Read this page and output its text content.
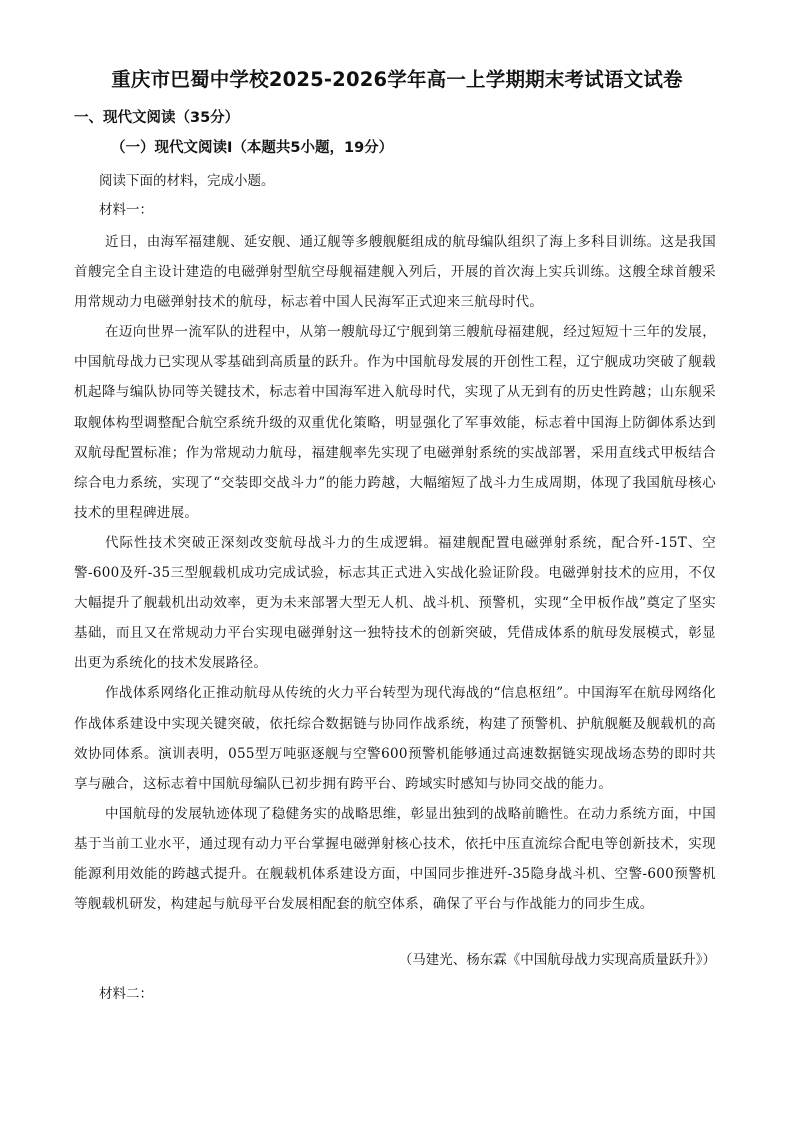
重庆市巴蜀中学校2025-2026学年高一上学期期末考试语文试卷
一、现代文阅读（35分）
（一）现代文阅读Ⅰ（本题共5小题，19分）
阅读下面的材料，完成小题。
材料一：

近日，由海军福建舰、延安舰、通辽舰等多艘舰艇组成的航母编队组织了海上多科目训练。这是我国首艘完全自主设计建造的电磁弹射型航空母舰福建舰入列后，开展的首次海上实兵训练。这艘全球首艘采用常规动力电磁弹射技术的航母，标志着中国人民海军正式迎来三航母时代。

在迈向世界一流军队的进程中，从第一艘航母辽宁舰到第三艘航母福建舰，经过短短十三年的发展，中国航母战力已实现从零基础到高质量的跃升。作为中国航母发展的开创性工程，辽宁舰成功突破了舰载机起降与编队协同等关键技术，标志着中国海军进入航母时代，实现了从无到有的历史性跨越；山东舰采取舰体构型调整配合航空系统升级的双重优化策略，明显强化了军事效能，标志着中国海上防御体系达到双航母配置标准；作为常规动力航母，福建舰率先实现了电磁弹射系统的实战部署，采用直线式甲板结合综合电力系统，实现了“交装即交战斗力”的能力跨越，大幅缩短了战斗力生成周期，体现了我国航母核心技术的里程碑进展。

代际性技术突破正深刻改变航母战斗力的生成逻辑。福建舰配置电磁弹射系统，配合歼-15T、空警-600及歼-35三型舰载机成功完成试验，标志其正式进入实战化验证阶段。电磁弹射技术的应用，不仅大幅提升了舰载机出动效率，更为未来部署大型无人机、战斗机、预警机，实现“全甲板作战”奠定了坚实基础，而且又在常规动力平台实现电磁弹射这一独特技术的创新突破，凭借成体系的航母发展模式，彰显出更为系统化的技术发展路径。

作战体系网络化正推动航母从传统的火力平台转型为现代海战的“信息枢纽”。中国海军在航母网络化作战体系建设中实现关键突破，依托综合数据链与协同作战系统，构建了预警机、护航舰艇及舰载机的高效协同体系。演训表明，055型万吨驱逐舰与空警600预警机能够通过高速数据链实现战场态势的即时共享与融合，这标志着中国航母编队已初步拥有跨平台、跨域实时感知与协同交战的能力。

中国航母的发展轨迹体现了稳健务实的战略思维，彰显出独到的战略前瞻性。在动力系统方面，中国基于当前工业水平，通过现有动力平台掌握电磁弹射核心技术，依托中压直流综合配电等创新技术，实现能源利用效能的跨越式提升。在舰载机体系建设方面，中国同步推进歼-35隐身战斗机、空警-600预警机等舰载机研发，构建起与航母平台发展相配套的航空体系，确保了平台与作战能力的同步生成。

（马建光、杨东霖《中国航母战力实现高质量跃升》）
材料二：
